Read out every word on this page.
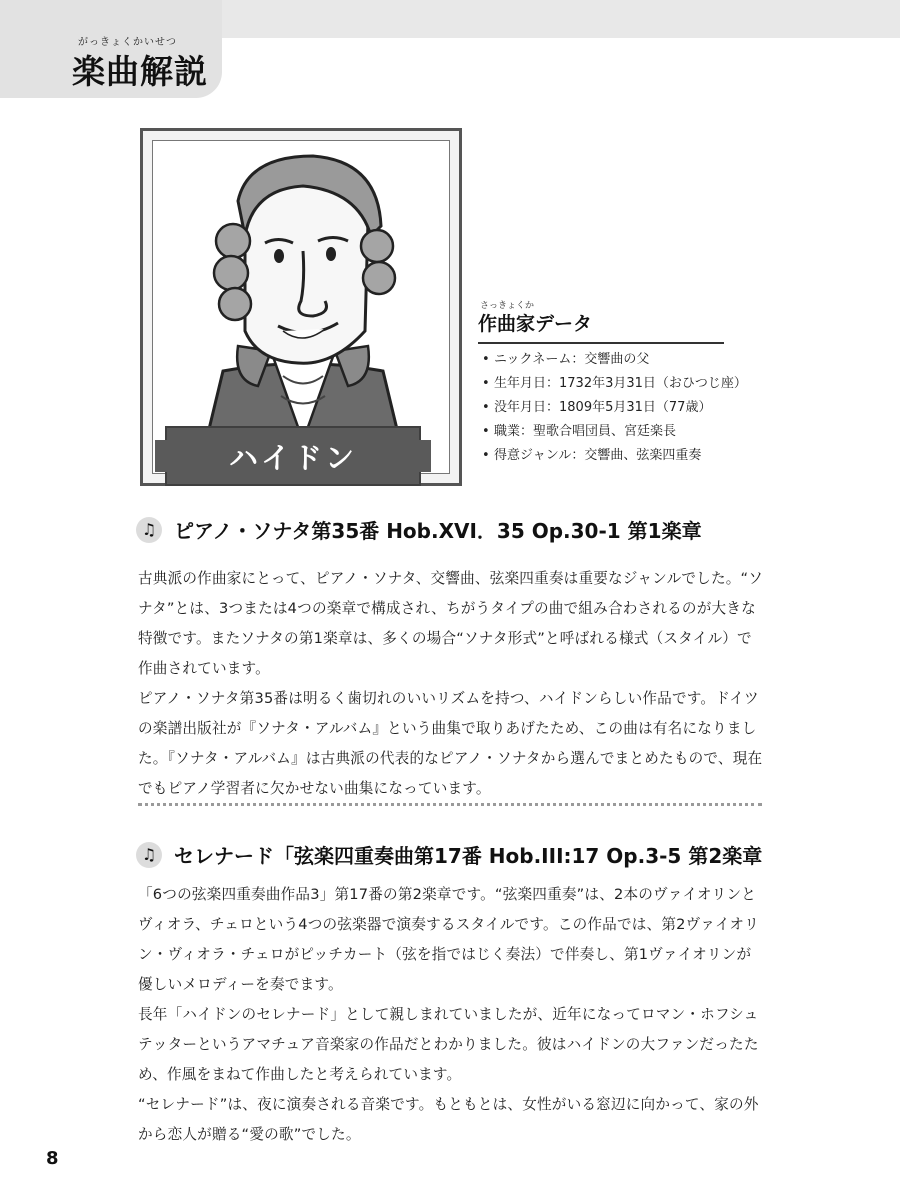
がっきょくかいせつ
楽曲解説
ハイドン
さっきょくか
作曲家データ
• ニックネーム：交響曲の父
• 生年月日：1732年3月31日（おひつじ座）
• 没年月日：1809年5月31日（77歳）
• 職業：聖歌合唱団員、宮廷楽長
• 得意ジャンル：交響曲、弦楽四重奏
♫ ピアノ・ソナタ第35番 Hob.XVI．35 Op.30-1 第1楽章

古典派の作曲家にとって、ピアノ・ソナタ、交響曲、弦楽四重奏は重要なジャンルでした。“ソナタ”とは、3つまたは4つの楽章で構成され、ちがうタイプの曲で組み合わされるのが大きな特徴です。またソナタの第1楽章は、多くの場合“ソナタ形式”と呼ばれる様式（スタイル）で作曲されています。

ピアノ・ソナタ第35番は明るく歯切れのいいリズムを持つ、ハイドンらしい作品です。ドイツの楽譜出版社が『ソナタ・アルバム』という曲集で取りあげたため、この曲は有名になりました。『ソナタ・アルバム』は古典派の代表的なピアノ・ソナタから選んでまとめたもので、現在でもピアノ学習者に欠かせない曲集になっています。

♫ セレナード「弦楽四重奏曲第17番 Hob.III:17 Op.3-5 第2楽章

「6つの弦楽四重奏曲作品3」第17番の第2楽章です。“弦楽四重奏”は、2本のヴァイオリンとヴィオラ、チェロという4つの弦楽器で演奏するスタイルです。この作品では、第2ヴァイオリン・ヴィオラ・チェロがピッチカート（弦を指ではじく奏法）で伴奏し、第1ヴァイオリンが優しいメロディーを奏でます。

長年「ハイドンのセレナード」として親しまれていましたが、近年になってロマン・ホフシュテッターというアマチュア音楽家の作品だとわかりました。彼はハイドンの大ファンだったため、作風をまねて作曲したと考えられています。

“セレナード”は、夜に演奏される音楽です。もともとは、女性がいる窓辺に向かって、家の外から恋人が贈る“愛の歌”でした。

8
